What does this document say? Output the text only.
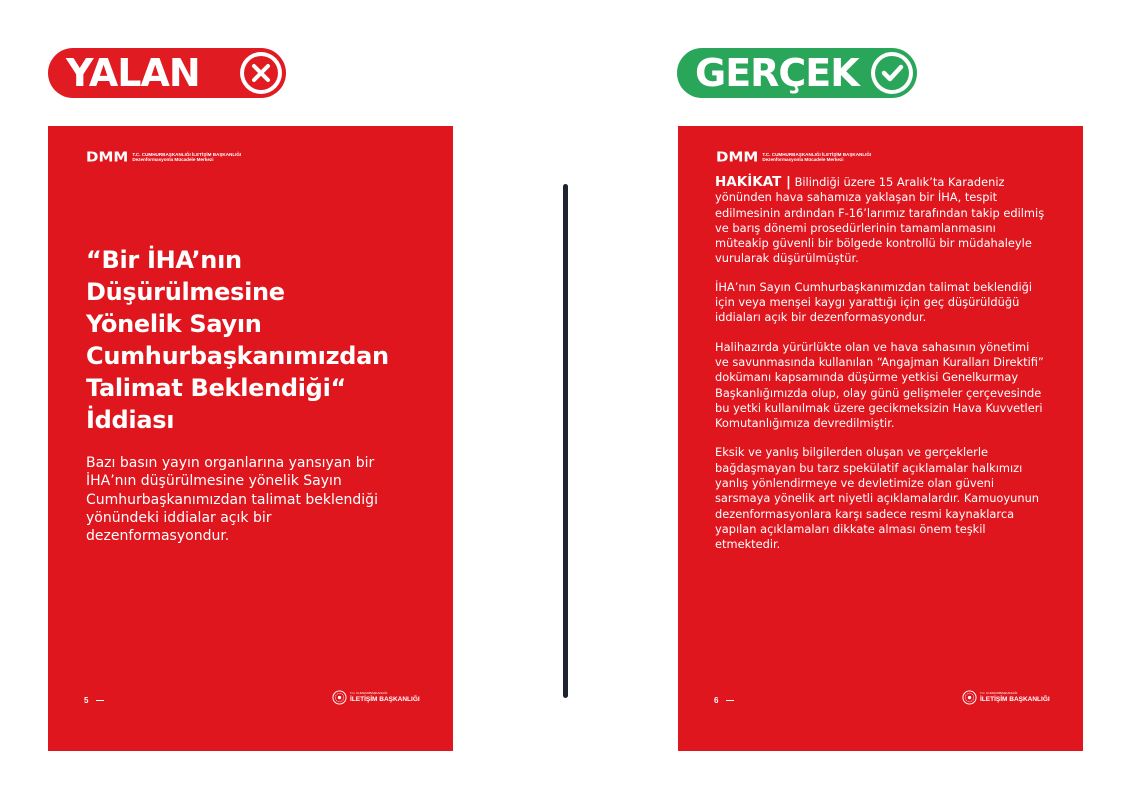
YALAN	GERÇEK
DMM T.C. CUMHURBAŞKANLIĞI İLETİŞİM BAŞKANLIĞI
Dezenformasyonla Mücadele Merkezi
“Bir İHA’nın
Düşürülmesine
Yönelik Sayın
Cumhurbaşkanımızdan
Talimat Beklendiği“
İddiası
Bazı basın yayın organlarına yansıyan bir İHA’nın düşürülmesine yönelik Sayın Cumhurbaşkanımızdan talimat beklendiği yönündeki iddialar açık bir dezenformasyondur.
5
T.C. CUMHURBAŞKANLIĞI
İLETİŞİM BAŞKANLIĞI
DMM T.C. CUMHURBAŞKANLIĞI İLETİŞİM BAŞKANLIĞI
Dezenformasyonla Mücadele Merkezi

HAKİKAT | Bilindiği üzere 15 Aralık’ta Karadeniz yönünden hava sahamıza yaklaşan bir İHA, tespit edilmesinin ardından F-16’larımız tarafından takip edilmiş ve barış dönemi prosedürlerinin tamamlanmasını müteakip güvenli bir bölgede kontrollü bir müdahaleyle vurularak düşürülmüştür.

İHA’nın Sayın Cumhurbaşkanımızdan talimat beklendiği için veya menşei kaygı yarattığı için geç düşürüldüğü iddiaları açık bir dezenformasyondur.

Halihazırda yürürlükte olan ve hava sahasının yönetimi ve savunmasında kullanılan “Angajman Kuralları Direktifi” dokümanı kapsamında düşürme yetkisi Genelkurmay Başkanlığımızda olup, olay günü gelişmeler çerçevesinde bu yetki kullanılmak üzere gecikmeksizin Hava Kuvvetleri Komutanlığımıza devredilmiştir.

Eksik ve yanlış bilgilerden oluşan ve gerçeklerle bağdaşmayan bu tarz spekülatif açıklamalar halkımızı yanlış yönlendirmeye ve devletimize olan güveni sarsmaya yönelik art niyetli açıklamalardır. Kamuoyunun dezenformasyonlara karşı sadece resmi kaynaklarca yapılan açıklamaları dikkate alması önem teşkil etmektedir.

6
T.C. CUMHURBAŞKANLIĞI
İLETİŞİM BAŞKANLIĞI
